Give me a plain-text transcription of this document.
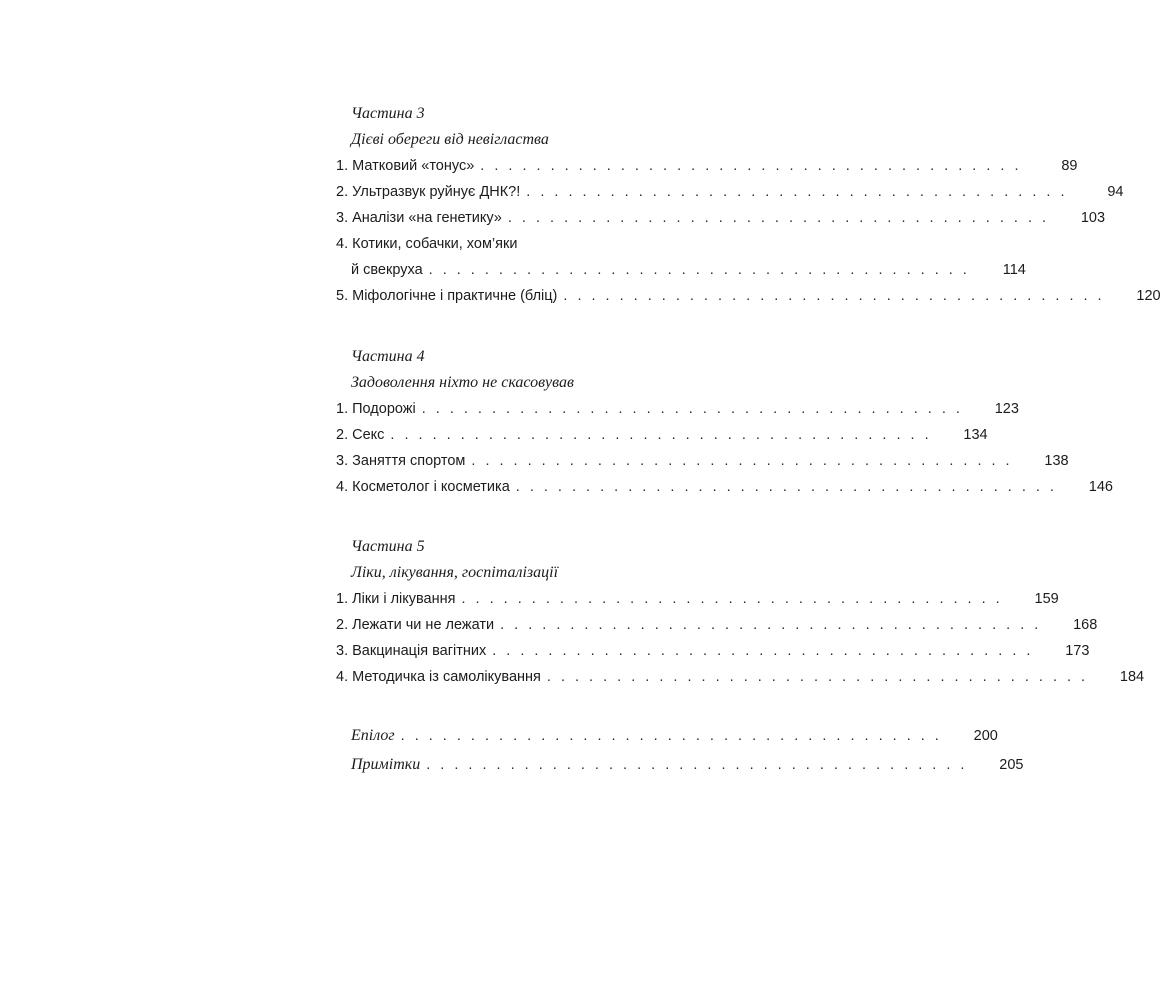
Частина 3
Дієві обереги від невігластва
1. Матковий «тонус» . . . . . . . . . . . . . . . . . . . . . . . . . . . . . . . . . . . . . . .	89
2. Ультразвук руйнує ДНК?! . . . . . . . . . . . . . . . . . . . . . . . . . . . . . . . . . . . . . . .	94
3. Аналізи «на генетику» . . . . . . . . . . . . . . . . . . . . . . . . . . . . . . . . . . . . . . .	103
4. Котики, собачки, хом’яки
й свекруха . . . . . . . . . . . . . . . . . . . . . . . . . . . . . . . . . . . . . . .	114
5. Міфологічне і практичне (бліц) . . . . . . . . . . . . . . . . . . . . . . . . . . . . . . . . . . . . . . .	120
Частина 4
Задоволення ніхто не скасовував
1. Подорожі . . . . . . . . . . . . . . . . . . . . . . . . . . . . . . . . . . . . . . .	123
2. Секс . . . . . . . . . . . . . . . . . . . . . . . . . . . . . . . . . . . . . . .	134
3. Заняття спортом . . . . . . . . . . . . . . . . . . . . . . . . . . . . . . . . . . . . . . .	138
4. Косметолог і косметика . . . . . . . . . . . . . . . . . . . . . . . . . . . . . . . . . . . . . . .	146
Частина 5
Ліки, лікування, госпіталізації
1. Ліки і лікування . . . . . . . . . . . . . . . . . . . . . . . . . . . . . . . . . . . . . . .	159
2. Лежати чи не лежати . . . . . . . . . . . . . . . . . . . . . . . . . . . . . . . . . . . . . . .	168
3. Вакцинація вагітних . . . . . . . . . . . . . . . . . . . . . . . . . . . . . . . . . . . . . . .	173
4. Методичка із самолікування . . . . . . . . . . . . . . . . . . . . . . . . . . . . . . . . . . . . . . .	184
Епілог . . . . . . . . . . . . . . . . . . . . . . . . . . . . . . . . . . . . . . .	200
Примітки . . . . . . . . . . . . . . . . . . . . . . . . . . . . . . . . . . . . . . .	205
